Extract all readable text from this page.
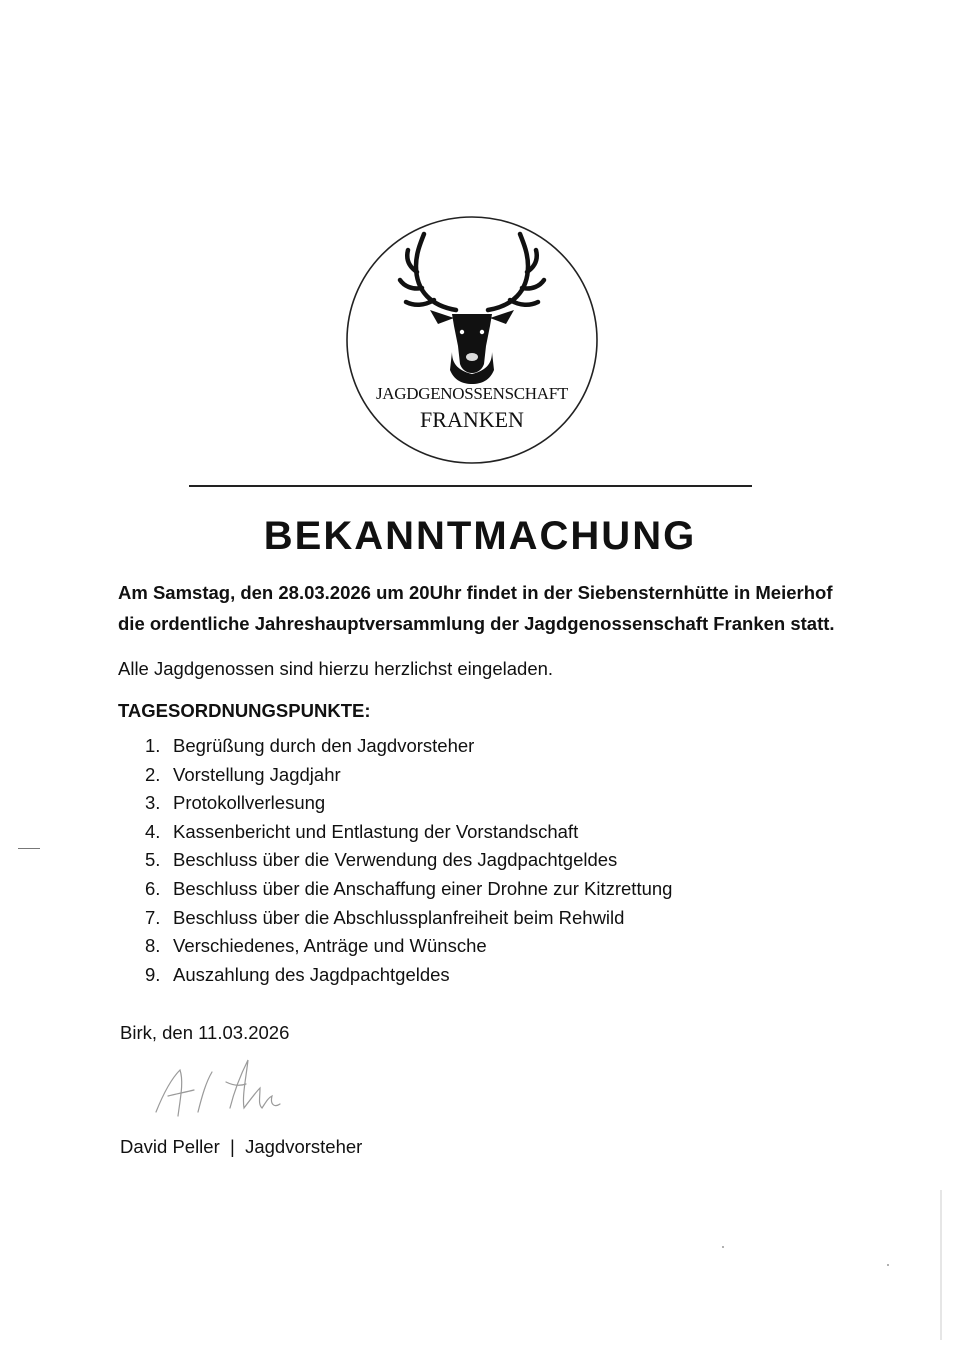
JAGDGENOSSENSCHAFT
FRANKEN
BEKANNTMACHUNG
Am Samstag, den 28.03.2026 um 20Uhr findet in der Siebensternhütte in Meierhof die ordentliche Jahreshauptversammlung der Jagdgenossenschaft Franken statt.
Alle Jagdgenossen sind hierzu herzlichst eingeladen.
TAGESORDNUNGSPUNKTE:
1. Begrüßung durch den Jagdvorsteher
2. Vorstellung Jagdjahr
3. Protokollverlesung
4. Kassenbericht und Entlastung der Vorstandschaft
5. Beschluss über die Verwendung des Jagdpachtgeldes
6. Beschluss über die Anschaffung einer Drohne zur Kitzrettung
7. Beschluss über die Abschlussplanfreiheit beim Rehwild
8. Verschiedenes, Anträge und Wünsche
9. Auszahlung des Jagdpachtgeldes
Birk, den 11.03.2026
David Peller  |  Jagdvorsteher
